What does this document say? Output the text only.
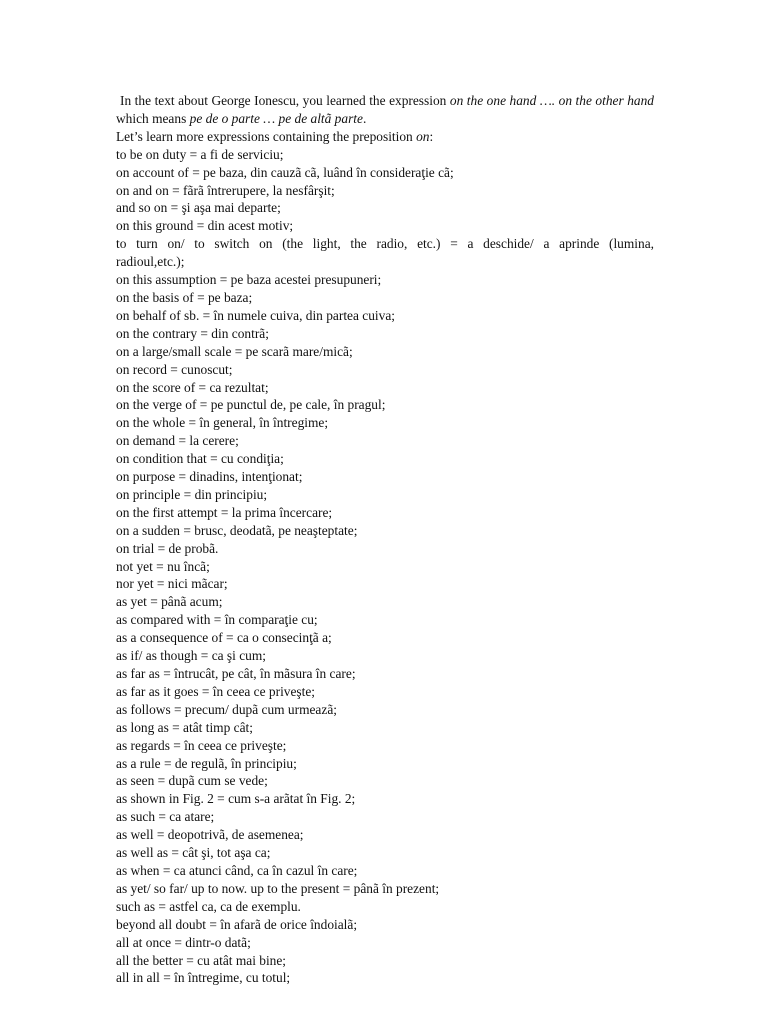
In the text about George Ionescu, you learned the expression on the one hand …. on the other hand which means pe de o parte … pe de altã parte.

Let’s learn more expressions containing the preposition on:

to be on duty = a fi de serviciu;
on account of = pe baza, din cauzã cã, luând în consideraţie cã;
on and on = fãrã întrerupere, la nesfârşit;
and so on = şi aşa mai departe;
on this ground = din acest motiv;
to turn on/ to switch on (the light, the radio, etc.) = a deschide/ a aprinde (lumina, radioul,etc.);
on this assumption = pe baza acestei presupuneri;
on the basis of = pe baza;
on behalf of sb. = în numele cuiva, din partea cuiva;
on the contrary = din contrã;
on a large/small scale = pe scarã mare/micã;
on record = cunoscut;
on the score of = ca rezultat;
on the verge of = pe punctul de, pe cale, în pragul;
on the whole = în general, în întregime;
on demand = la cerere;
on condition that = cu condiţia;
on purpose = dinadins, intenţionat;
on principle = din principiu;
on the first attempt = la prima încercare;
on a sudden = brusc, deodatã, pe neaşteptate;
on trial = de probã.
not yet = nu încã;
nor yet = nici mãcar;
as yet = pânã acum;
as compared with = în comparaţie cu;
as a consequence of = ca o consecinţã a;
as if/ as though = ca şi cum;
as far as = întrucât, pe cât, în mãsura în care;
as far as it goes = în ceea ce priveşte;
as follows = precum/ dupã cum urmeazã;
as long as = atât timp cât;
as regards = în ceea ce priveşte;
as a rule = de regulã, în principiu;
as seen = dupã cum se vede;
as shown in Fig. 2 = cum s-a arãtat în Fig. 2;
as such = ca atare;
as well = deopotrivã, de asemenea;
as well as = cât şi, tot aşa ca;
as when = ca atunci când, ca în cazul în care;
as yet/ so far/ up to now. up to the present = pânã în prezent;
such as = astfel ca, ca de exemplu.
beyond all doubt = în afarã de orice îndoialã;
all at once = dintr-o datã;
all the better = cu atât mai bine;
all in all = în întregime, cu totul;
